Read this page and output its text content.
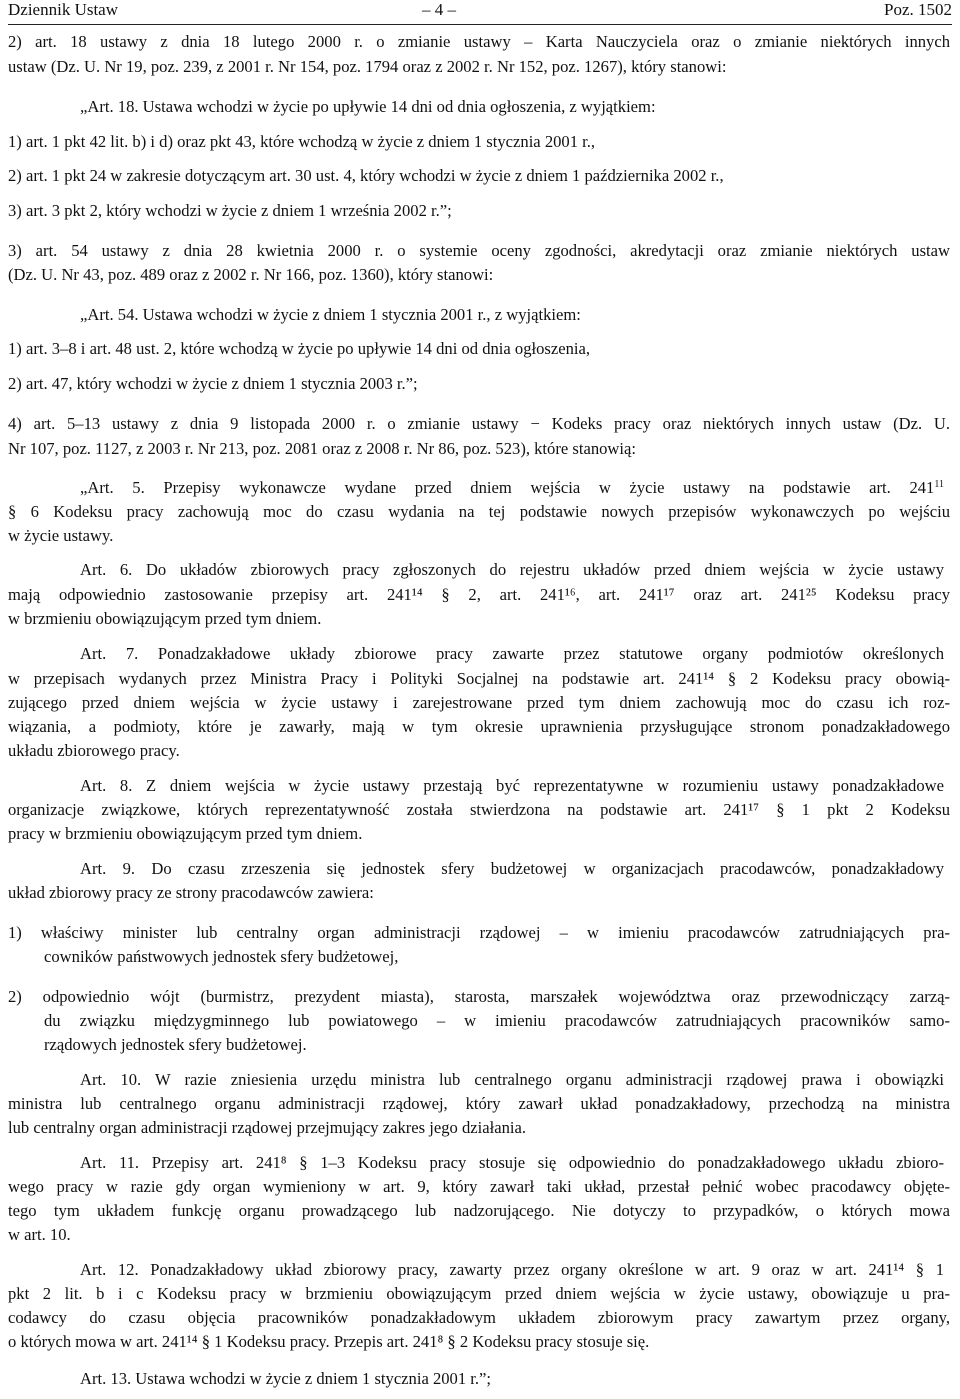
Dziennik Ustaw	– 4 –	Poz. 1502
2) art. 18 ustawy z dnia 18 lutego 2000 r. o zmianie ustawy – Karta Nauczyciela oraz o zmianie niektórych innych
ustaw (Dz. U. Nr 19, poz. 239, z 2001 r. Nr 154, poz. 1794 oraz z 2002 r. Nr 152, poz. 1267), który stanowi:
„Art. 18. Ustawa wchodzi w życie po upływie 14 dni od dnia ogłoszenia, z wyjątkiem:
1) art. 1 pkt 42 lit. b) i d) oraz pkt 43, które wchodzą w życie z dniem 1 stycznia 2001 r.,
2) art. 1 pkt 24 w zakresie dotyczącym art. 30 ust. 4, który wchodzi w życie z dniem 1 października 2002 r.,
3) art. 3 pkt 2, który wchodzi w życie z dniem 1 września 2002 r.”;
3) art. 54 ustawy z dnia 28 kwietnia 2000 r. o systemie oceny zgodności, akredytacji oraz zmianie niektórych ustaw
(Dz. U. Nr 43, poz. 489 oraz z 2002 r. Nr 166, poz. 1360), który stanowi:
„Art. 54. Ustawa wchodzi w życie z dniem 1 stycznia 2001 r., z wyjątkiem:
1) art. 3–8 i art. 48 ust. 2, które wchodzą w życie po upływie 14 dni od dnia ogłoszenia,
2) art. 47, który wchodzi w życie z dniem 1 stycznia 2003 r.”;
4) art. 5–13 ustawy z dnia 9 listopada 2000 r. o zmianie ustawy − Kodeks pracy oraz niektórych innych ustaw (Dz. U.
Nr 107, poz. 1127, z 2003 r. Nr 213, poz. 2081 oraz z 2008 r. Nr 86, poz. 523), które stanowią:
„Art. 5. Przepisy wykonawcze wydane przed dniem wejścia w życie ustawy na podstawie art. $241^{11}$
§ 6 Kodeksu pracy zachowują moc do czasu wydania na tej podstawie nowych przepisów wykonawczych po wejściu
w życie ustawy.
Art. 6. Do układów zbiorowych pracy zgłoszonych do rejestru układów przed dniem wejścia w życie ustawy
mają odpowiednio zastosowanie przepisy art. 241¹⁴ § 2, art. 241¹⁶, art. 241¹⁷ oraz art. 241²⁵ Kodeksu pracy
w brzmieniu obowiązującym przed tym dniem.
Art. 7. Ponadzakładowe układy zbiorowe pracy zawarte przez statutowe organy podmiotów określonych
w przepisach wydanych przez Ministra Pracy i Polityki Socjalnej na podstawie art. 241¹⁴ § 2 Kodeksu pracy obowią-
zującego przed dniem wejścia w życie ustawy i zarejestrowane przed tym dniem zachowują moc do czasu ich roz-
wiązania, a podmioty, które je zawarły, mają w tym okresie uprawnienia przysługujące stronom ponadzakładowego
układu zbiorowego pracy.
Art. 8. Z dniem wejścia w życie ustawy przestają być reprezentatywne w rozumieniu ustawy ponadzakładowe
organizacje związkowe, których reprezentatywność została stwierdzona na podstawie art. 241¹⁷ § 1 pkt 2 Kodeksu
pracy w brzmieniu obowiązującym przed tym dniem.
Art. 9. Do czasu zrzeszenia się jednostek sfery budżetowej w organizacjach pracodawców, ponadzakładowy
układ zbiorowy pracy ze strony pracodawców zawiera:
1) właściwy minister lub centralny organ administracji rządowej – w imieniu pracodawców zatrudniających pra-
cowników państwowych jednostek sfery budżetowej,
2) odpowiednio wójt (burmistrz, prezydent miasta), starosta, marszałek województwa oraz przewodniczący zarzą-
du związku międzygminnego lub powiatowego – w imieniu pracodawców zatrudniających pracowników samo-
rządowych jednostek sfery budżetowej.
Art. 10. W razie zniesienia urzędu ministra lub centralnego organu administracji rządowej prawa i obowiązki
ministra lub centralnego organu administracji rządowej, który zawarł układ ponadzakładowy, przechodzą na ministra
lub centralny organ administracji rządowej przejmujący zakres jego działania.
Art. 11. Przepisy art. 241⁸ § 1–3 Kodeksu pracy stosuje się odpowiednio do ponadzakładowego układu zbioro-
wego pracy w razie gdy organ wymieniony w art. 9, który zawarł taki układ, przestał pełnić wobec pracodawcy objęte-
tego tym układem funkcję organu prowadzącego lub nadzorującego. Nie dotyczy to przypadków, o których mowa
w art. 10.
Art. 12. Ponadzakładowy układ zbiorowy pracy, zawarty przez organy określone w art. 9 oraz w art. 241¹⁴ § 1
pkt 2 lit. b i c Kodeksu pracy w brzmieniu obowiązującym przed dniem wejścia w życie ustawy, obowiązuje u pra-
codawcy do czasu objęcia pracowników ponadzakładowym układem zbiorowym pracy zawartym przez organy,
o których mowa w art. 241¹⁴ § 1 Kodeksu pracy. Przepis art. 241⁸ § 2 Kodeksu pracy stosuje się.
Art. 13. Ustawa wchodzi w życie z dniem 1 stycznia 2001 r.”;
